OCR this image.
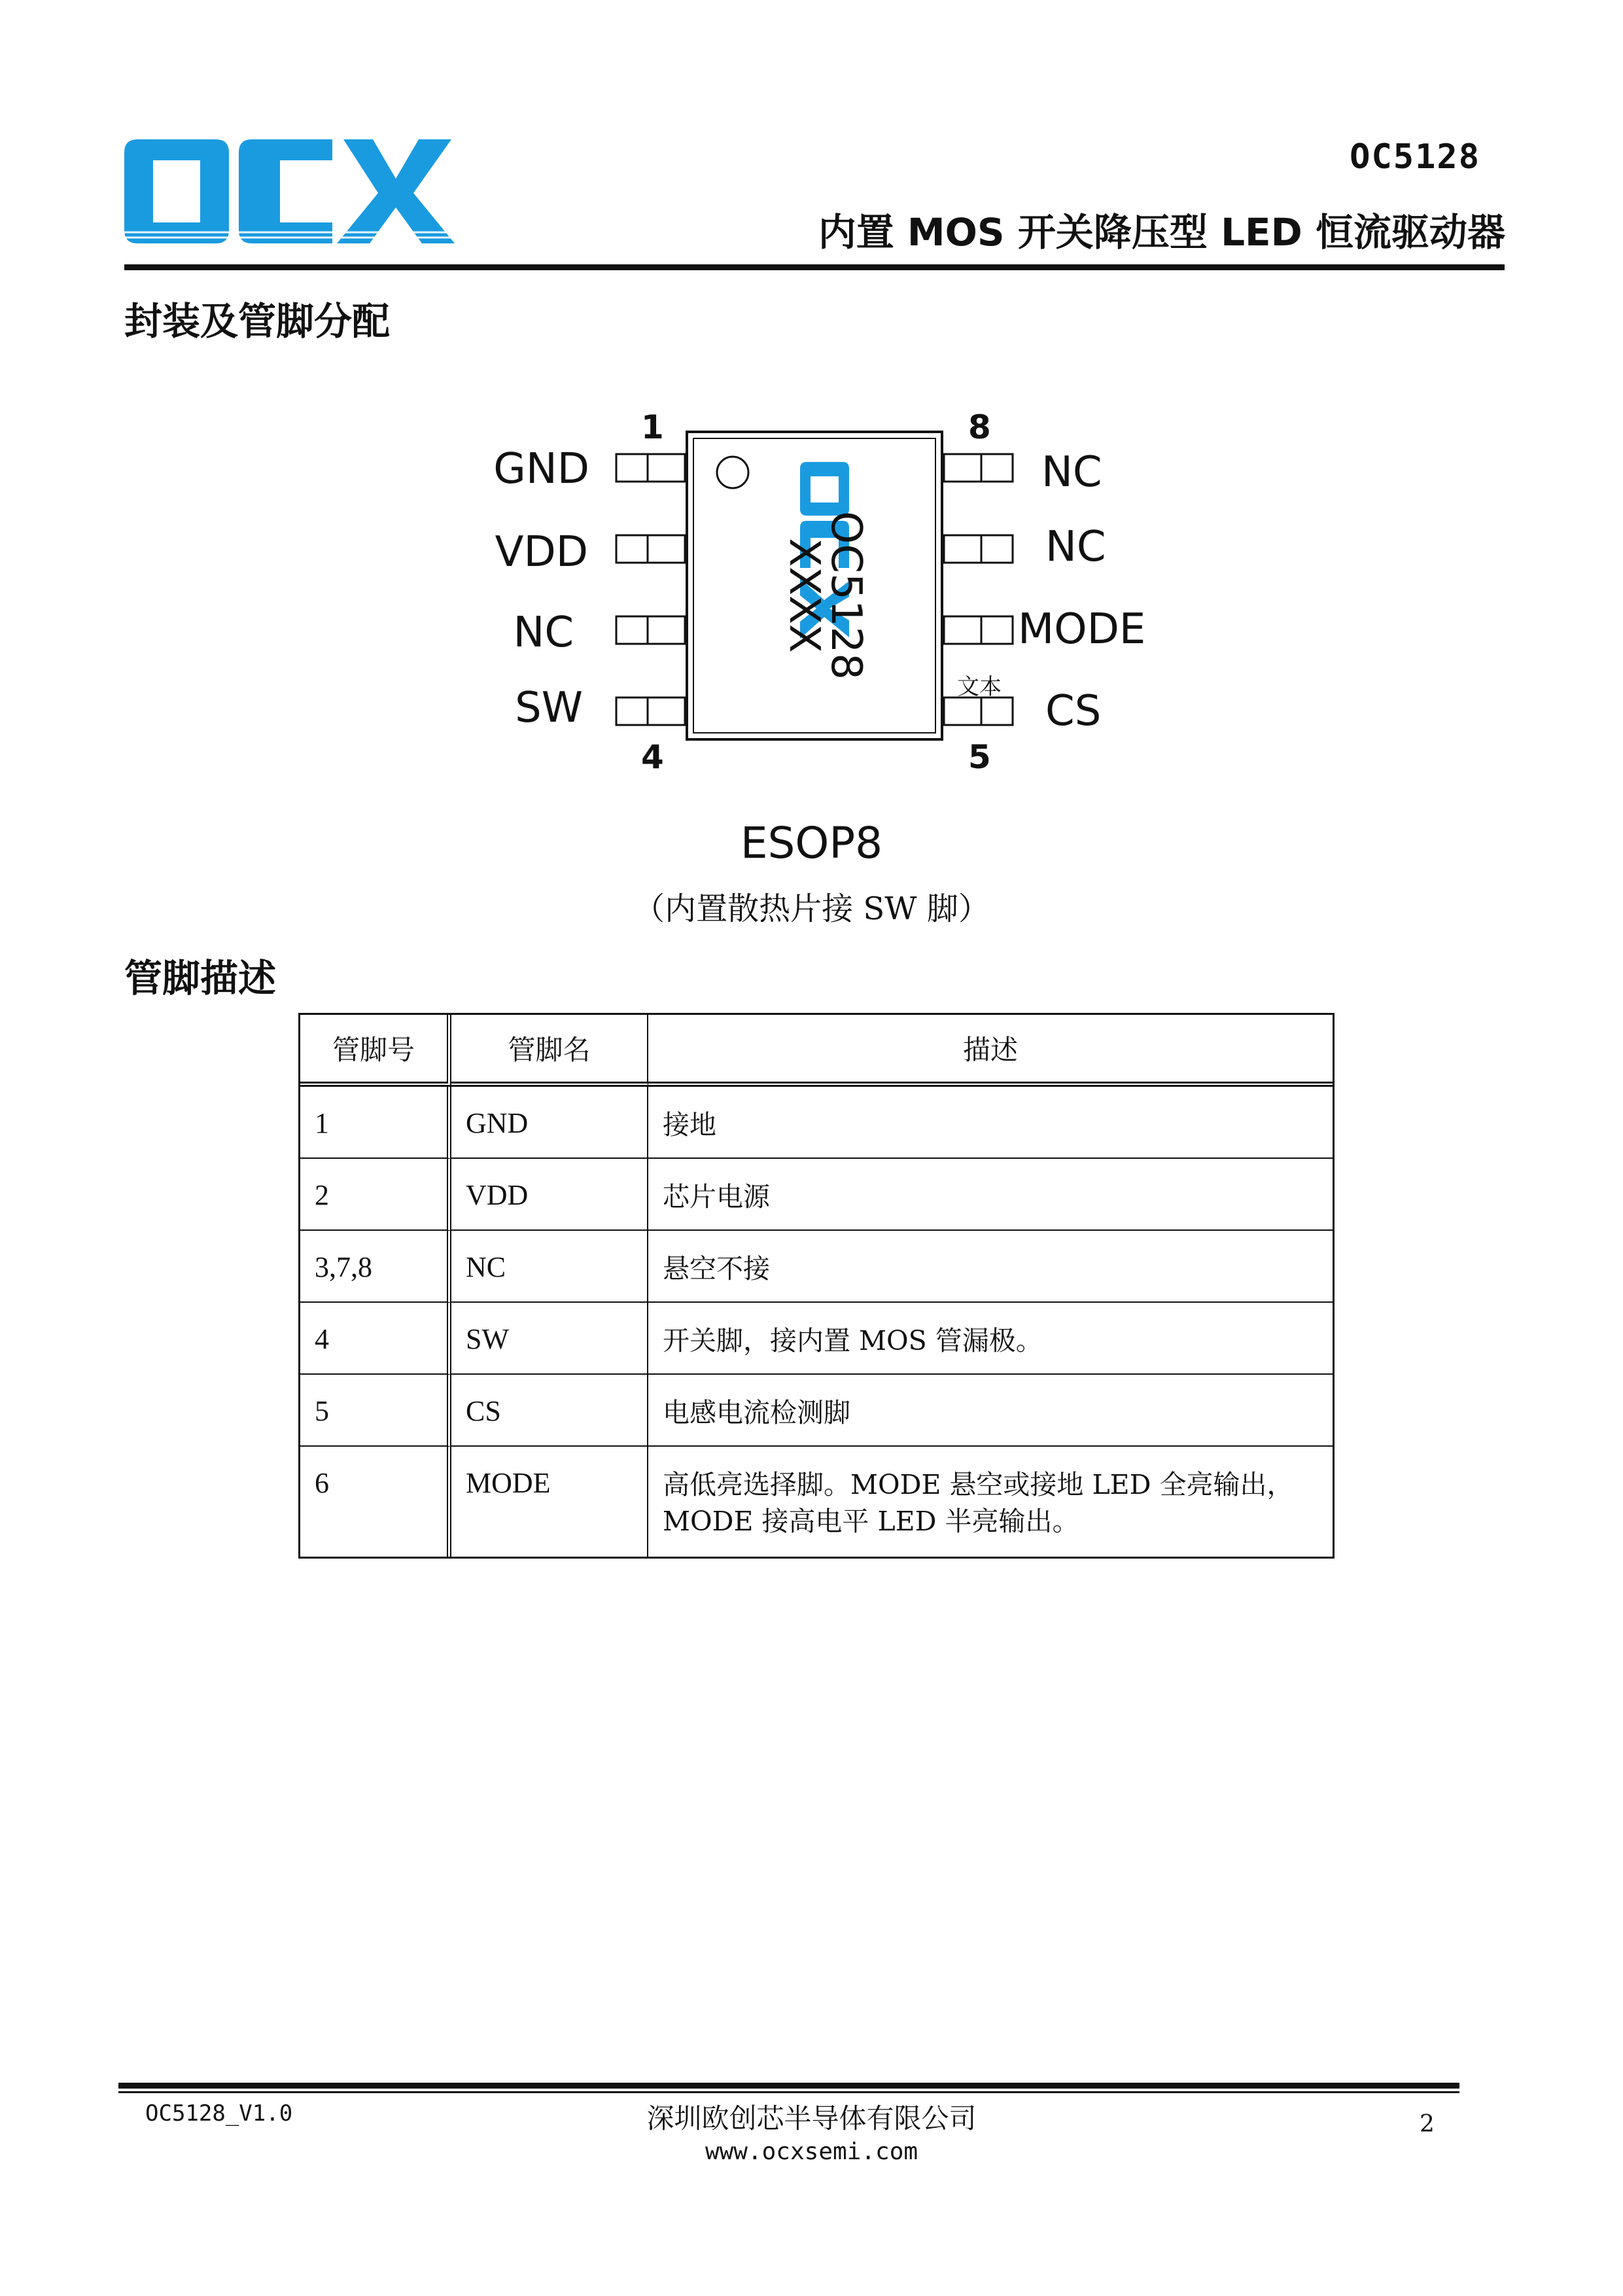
OC5128
内置 MOS 开关降压型 LED 恒流驱动器
封装及管脚分配
OC5128
XXXX
1	8
4	5
GND
VDD
NC
SW
NC
NC
MODE
CS
文本
ESOP8
（内置散热片接 SW 脚）
管脚描述
管脚号	管脚名	描述
1	GND	接地
2	VDD	芯片电源
3,7,8	NC	悬空不接
4	SW	开关脚，接内置 MOS 管漏极。
5	CS	电感电流检测脚
6	MODE	高低亮选择脚。MODE 悬空或接地 LED 全亮输出，
MODE 接高电平 LED 半亮输出。
OC5128_V1.0	深圳欧创芯半导体有限公司
www.ocxsemi.com
2
